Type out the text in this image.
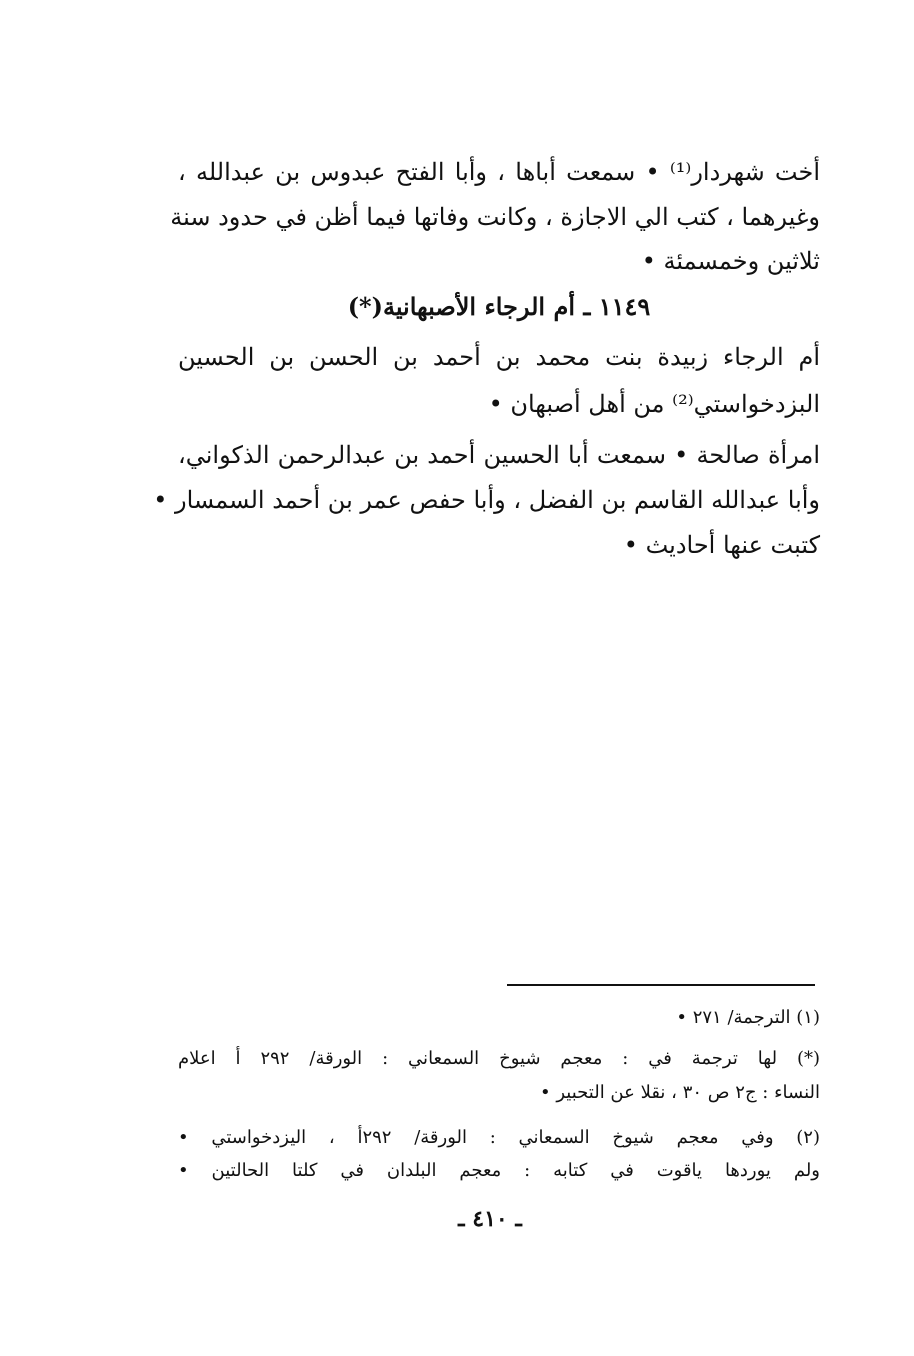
أخت شهردار⁽¹⁾ • سمعت أباها ، وأبا الفتح عبدوس بن عبدالله ،
وغيرهما ، كتب الي الاجازة ، وكانت وفاتها فيما أظن في حدود سنة
ثلاثين وخمسمئة •
١١٤٩ ـ أم الرجاء الأصبهانية(*)
أم الرجاء زبيدة بنت محمد بن أحمد بن الحسن بن الحسين
البزدخواستي⁽²⁾ من أهل أصبهان •
امرأة صالحة • سمعت أبا الحسين أحمد بن عبدالرحمن الذكواني،
وأبا عبدالله القاسم بن الفضل ، وأبا حفص عمر بن أحمد السمسار •
كتبت عنها أحاديث •
(١) الترجمة/ ٢٧١ •
(*) لها ترجمة في : معجم شيوخ السمعاني : الورقة/ ٢٩٢ أ اعلام
النساء : ج٢ ص ٣٠ ، نقلا عن التحبير •
(٢) وفي معجم شيوخ السمعاني : الورقة/ ٢٩٢أ ، اليزدخواستي •
ولم يوردها ياقوت في كتابه : معجم البلدان في كلتا الحالتين •
ـ ٤١٠ ـ
